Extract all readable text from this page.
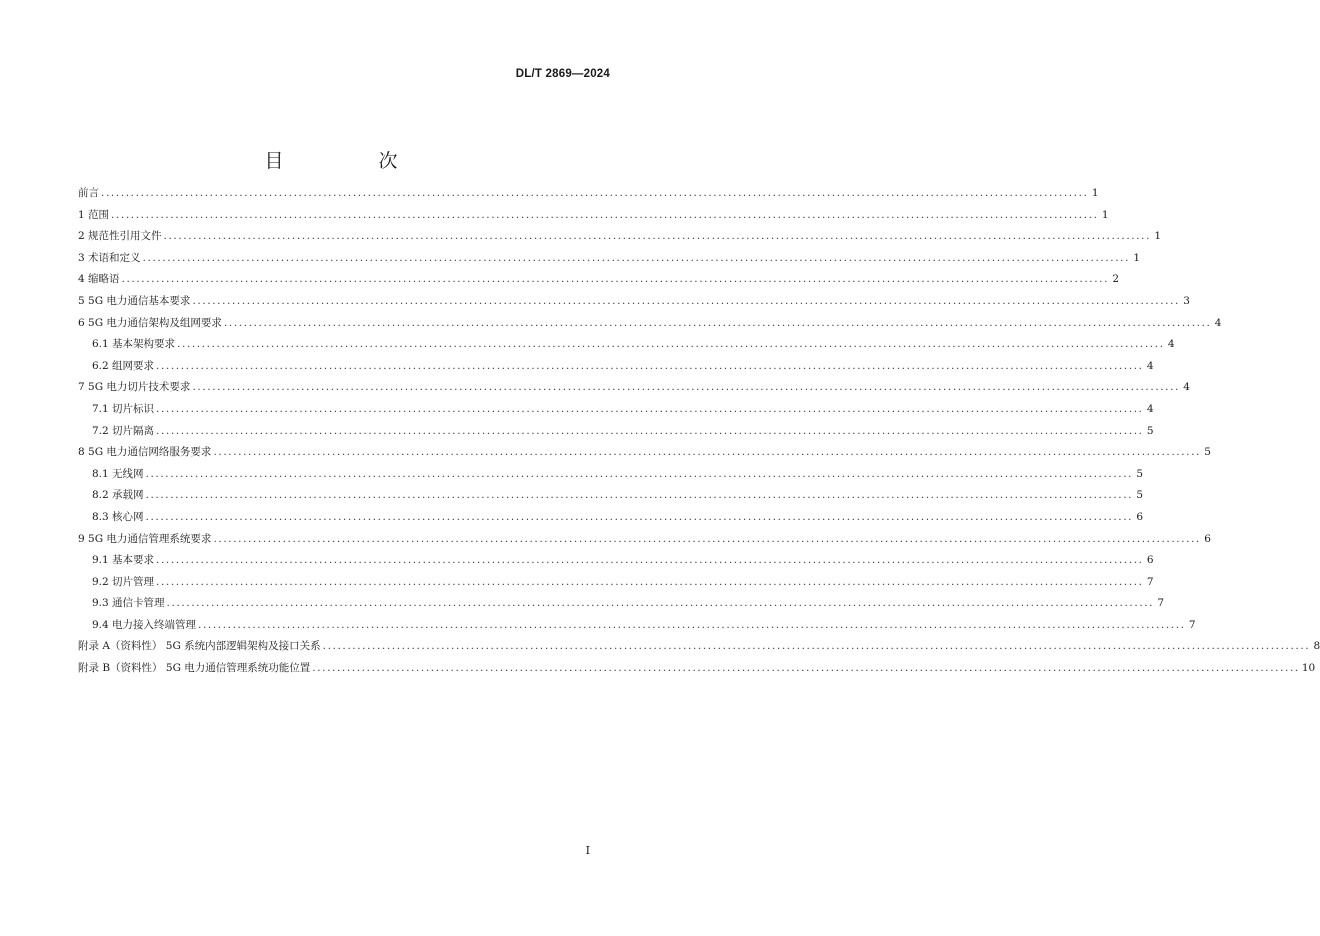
DL/T 2869—2024
目　次
前言 ........................................................................................................................................................................................................ 1
1 范围 ........................................................................................................................................................................................................ 1
2 规范性引用文件 ........................................................................................................................................................................................................ 1
3 术语和定义 ........................................................................................................................................................................................................ 1
4 缩略语 ........................................................................................................................................................................................................ 2
5 5G 电力通信基本要求 ........................................................................................................................................................................................................ 3
6 5G 电力通信架构及组网要求 ........................................................................................................................................................................................................ 4
6.1 基本架构要求 ........................................................................................................................................................................................................ 4
6.2 组网要求 ........................................................................................................................................................................................................ 4
7 5G 电力切片技术要求 ........................................................................................................................................................................................................ 4
7.1 切片标识 ........................................................................................................................................................................................................ 4
7.2 切片隔离 ........................................................................................................................................................................................................ 5
8 5G 电力通信网络服务要求 ........................................................................................................................................................................................................ 5
8.1 无线网 ........................................................................................................................................................................................................ 5
8.2 承载网 ........................................................................................................................................................................................................ 5
8.3 核心网 ........................................................................................................................................................................................................ 6
9 5G 电力通信管理系统要求 ........................................................................................................................................................................................................ 6
9.1 基本要求 ........................................................................................................................................................................................................ 6
9.2 切片管理 ........................................................................................................................................................................................................ 7
9.3 通信卡管理 ........................................................................................................................................................................................................ 7
9.4 电力接入终端管理 ........................................................................................................................................................................................................ 7
附录 A（资料性） 5G 系统内部逻辑架构及接口关系 ........................................................................................................................................................................................................ 8
附录 B（资料性） 5G 电力通信管理系统功能位置 ........................................................................................................................................................................................................ 10
I
